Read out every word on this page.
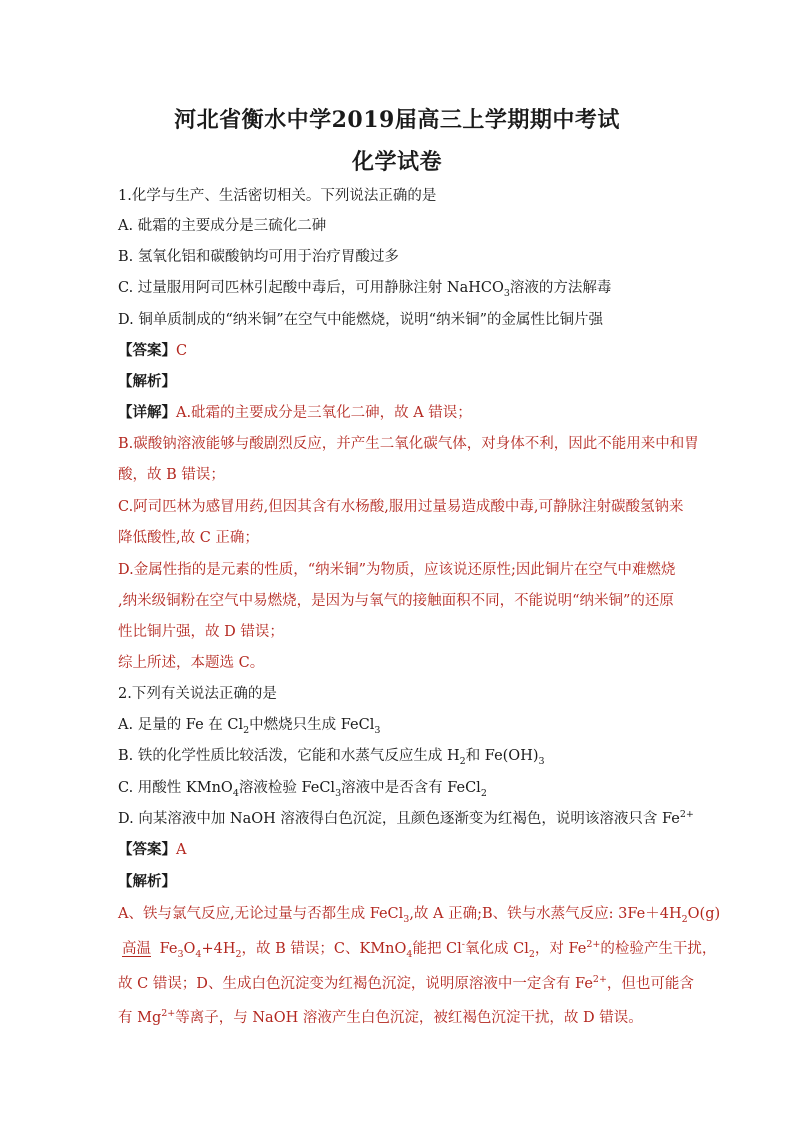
河北省衡水中学2019届高三上学期期中考试
化学试卷
1.化学与生产、生活密切相关。下列说法正确的是
A. 砒霜的主要成分是三硫化二砷
B. 氢氧化铝和碳酸钠均可用于治疗胃酸过多
C. 过量服用阿司匹林引起酸中毒后，可用静脉注射 NaHCO$_3$溶液的方法解毒
D. 铜单质制成的“纳米铜”在空气中能燃烧，说明“纳米铜”的金属性比铜片强
【答案】C
【解析】
【详解】A.砒霜的主要成分是三氧化二砷，故 A 错误；
B.碳酸钠溶液能够与酸剧烈反应，并产生二氧化碳气体，对身体不利，因此不能用来中和胃
酸，故 B 错误；
C.阿司匹林为感冒用药,但因其含有水杨酸,服用过量易造成酸中毒,可静脉注射碳酸氢钠来
降低酸性,故 C 正确；
D.金属性指的是元素的性质，“纳米铜”为物质，应该说还原性;因此铜片在空气中难燃烧
,纳米级铜粉在空气中易燃烧，是因为与氧气的接触面积不同，不能说明“纳米铜”的还原
性比铜片强，故 D 错误；
综上所述，本题选 C。
2.下列有关说法正确的是
A. 足量的 Fe 在 $Cl_2$中燃烧只生成 FeCl$_3$
B. 铁的化学性质比较活泼，它能和水蒸气反应生成 $H_2$和 $Fe(OH)_3$
C. 用酸性 KMnO$_4$溶液检验 FeCl$_3$溶液中是否含有 FeCl$_2$
D. 向某溶液中加 NaOH 溶液得白色沉淀，且颜色逐渐变为红褐色，说明该溶液只含 $Fe^{2+}$
【答案】A
【解析】
A、铁与氯气反应,无论过量与否都生成 FeCl$_3$,故 A 正确;B、铁与水蒸气反应: $3Fe+4H_2O(g)$
高温 $Fe_3O_4+4H_2$，故 B 错误；C、KMnO$_4$能把 Cl-氧化成 $Cl_2$，对 $Fe^{2+}$的检验产生干扰，
故 C 错误；D、生成白色沉淀变为红褐色沉淀，说明原溶液中一定含有 $Fe^{2+}$，但也可能含
有 $Mg^{2+}$等离子，与 NaOH 溶液产生白色沉淀，被红褐色沉淀干扰，故 D 错误。
